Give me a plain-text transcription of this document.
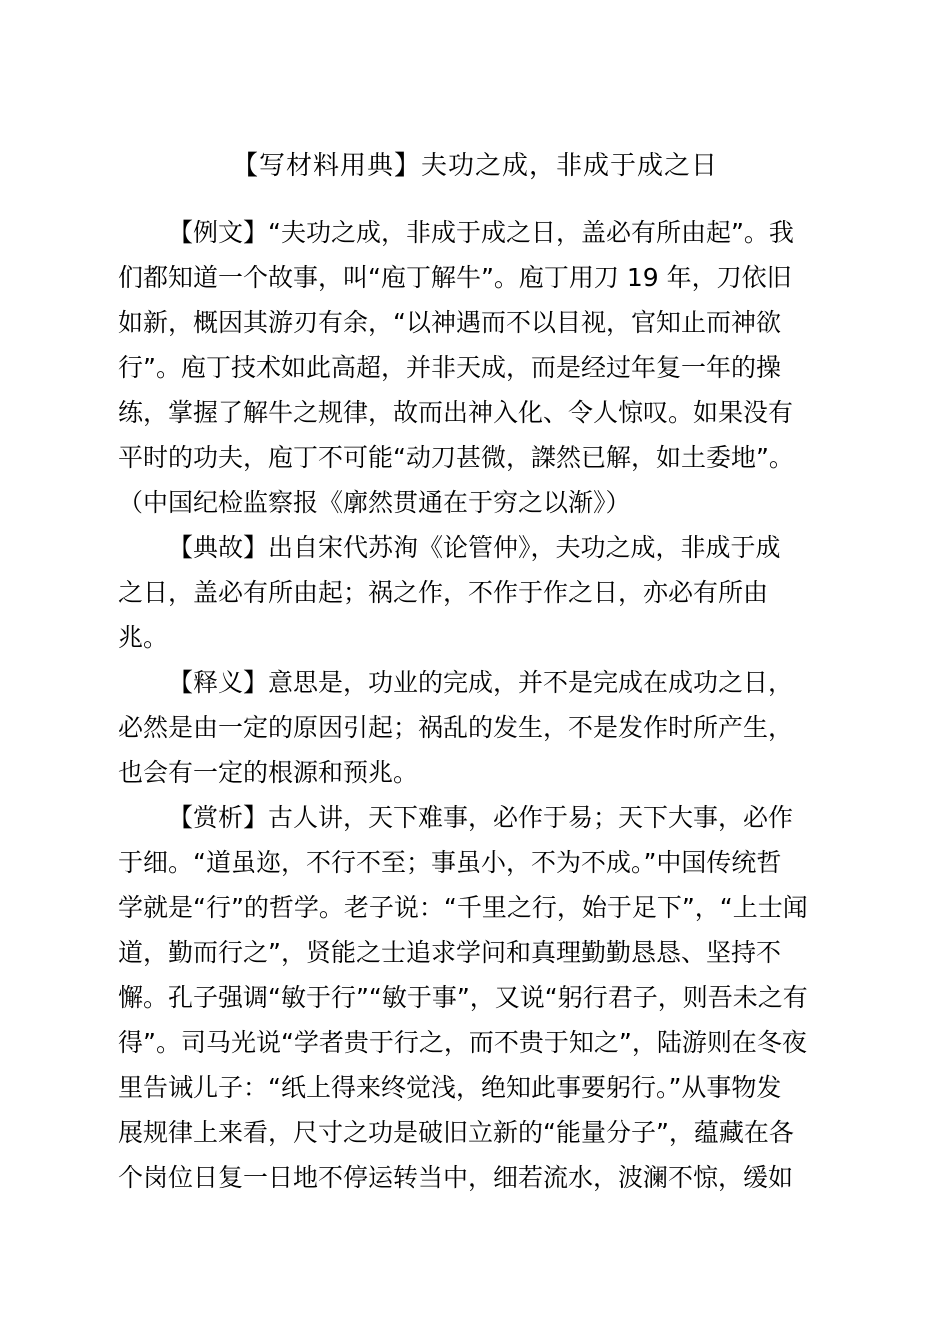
【写材料用典】夫功之成，非成于成之日
【例文】“夫功之成，非成于成之日，盖必有所由起”。我
们都知道一个故事，叫“庖丁解牛”。庖丁用刀 19 年，刀依旧
如新，概因其游刃有余，“以神遇而不以目视，官知止而神欲
行”。庖丁技术如此高超，并非天成，而是经过年复一年的操
练，掌握了解牛之规律，故而出神入化、令人惊叹。如果没有
平时的功夫，庖丁不可能“动刀甚微，謋然已解，如土委地”。
（中国纪检监察报《廓然贯通在于穷之以渐》）
【典故】出自宋代苏洵《论管仲》，夫功之成，非成于成
之日，盖必有所由起；祸之作，不作于作之日，亦必有所由
兆。
【释义】意思是，功业的完成，并不是完成在成功之日，
必然是由一定的原因引起；祸乱的发生，不是发作时所产生，
也会有一定的根源和预兆。
【赏析】古人讲，天下难事，必作于易；天下大事，必作
于细。“道虽迩，不行不至；事虽小，不为不成。”中国传统哲
学就是“行”的哲学。老子说：“千里之行，始于足下”，“上士闻
道，勤而行之”，贤能之士追求学问和真理勤勤恳恳、坚持不
懈。孔子强调“敏于行”“敏于事”，又说“躬行君子，则吾未之有
得”。司马光说“学者贵于行之，而不贵于知之”，陆游则在冬夜
里告诫儿子：“纸上得来终觉浅，绝知此事要躬行。”从事物发
展规律上来看，尺寸之功是破旧立新的“能量分子”，蕴藏在各
个岗位日复一日地不停运转当中，细若流水，波澜不惊，缓如
